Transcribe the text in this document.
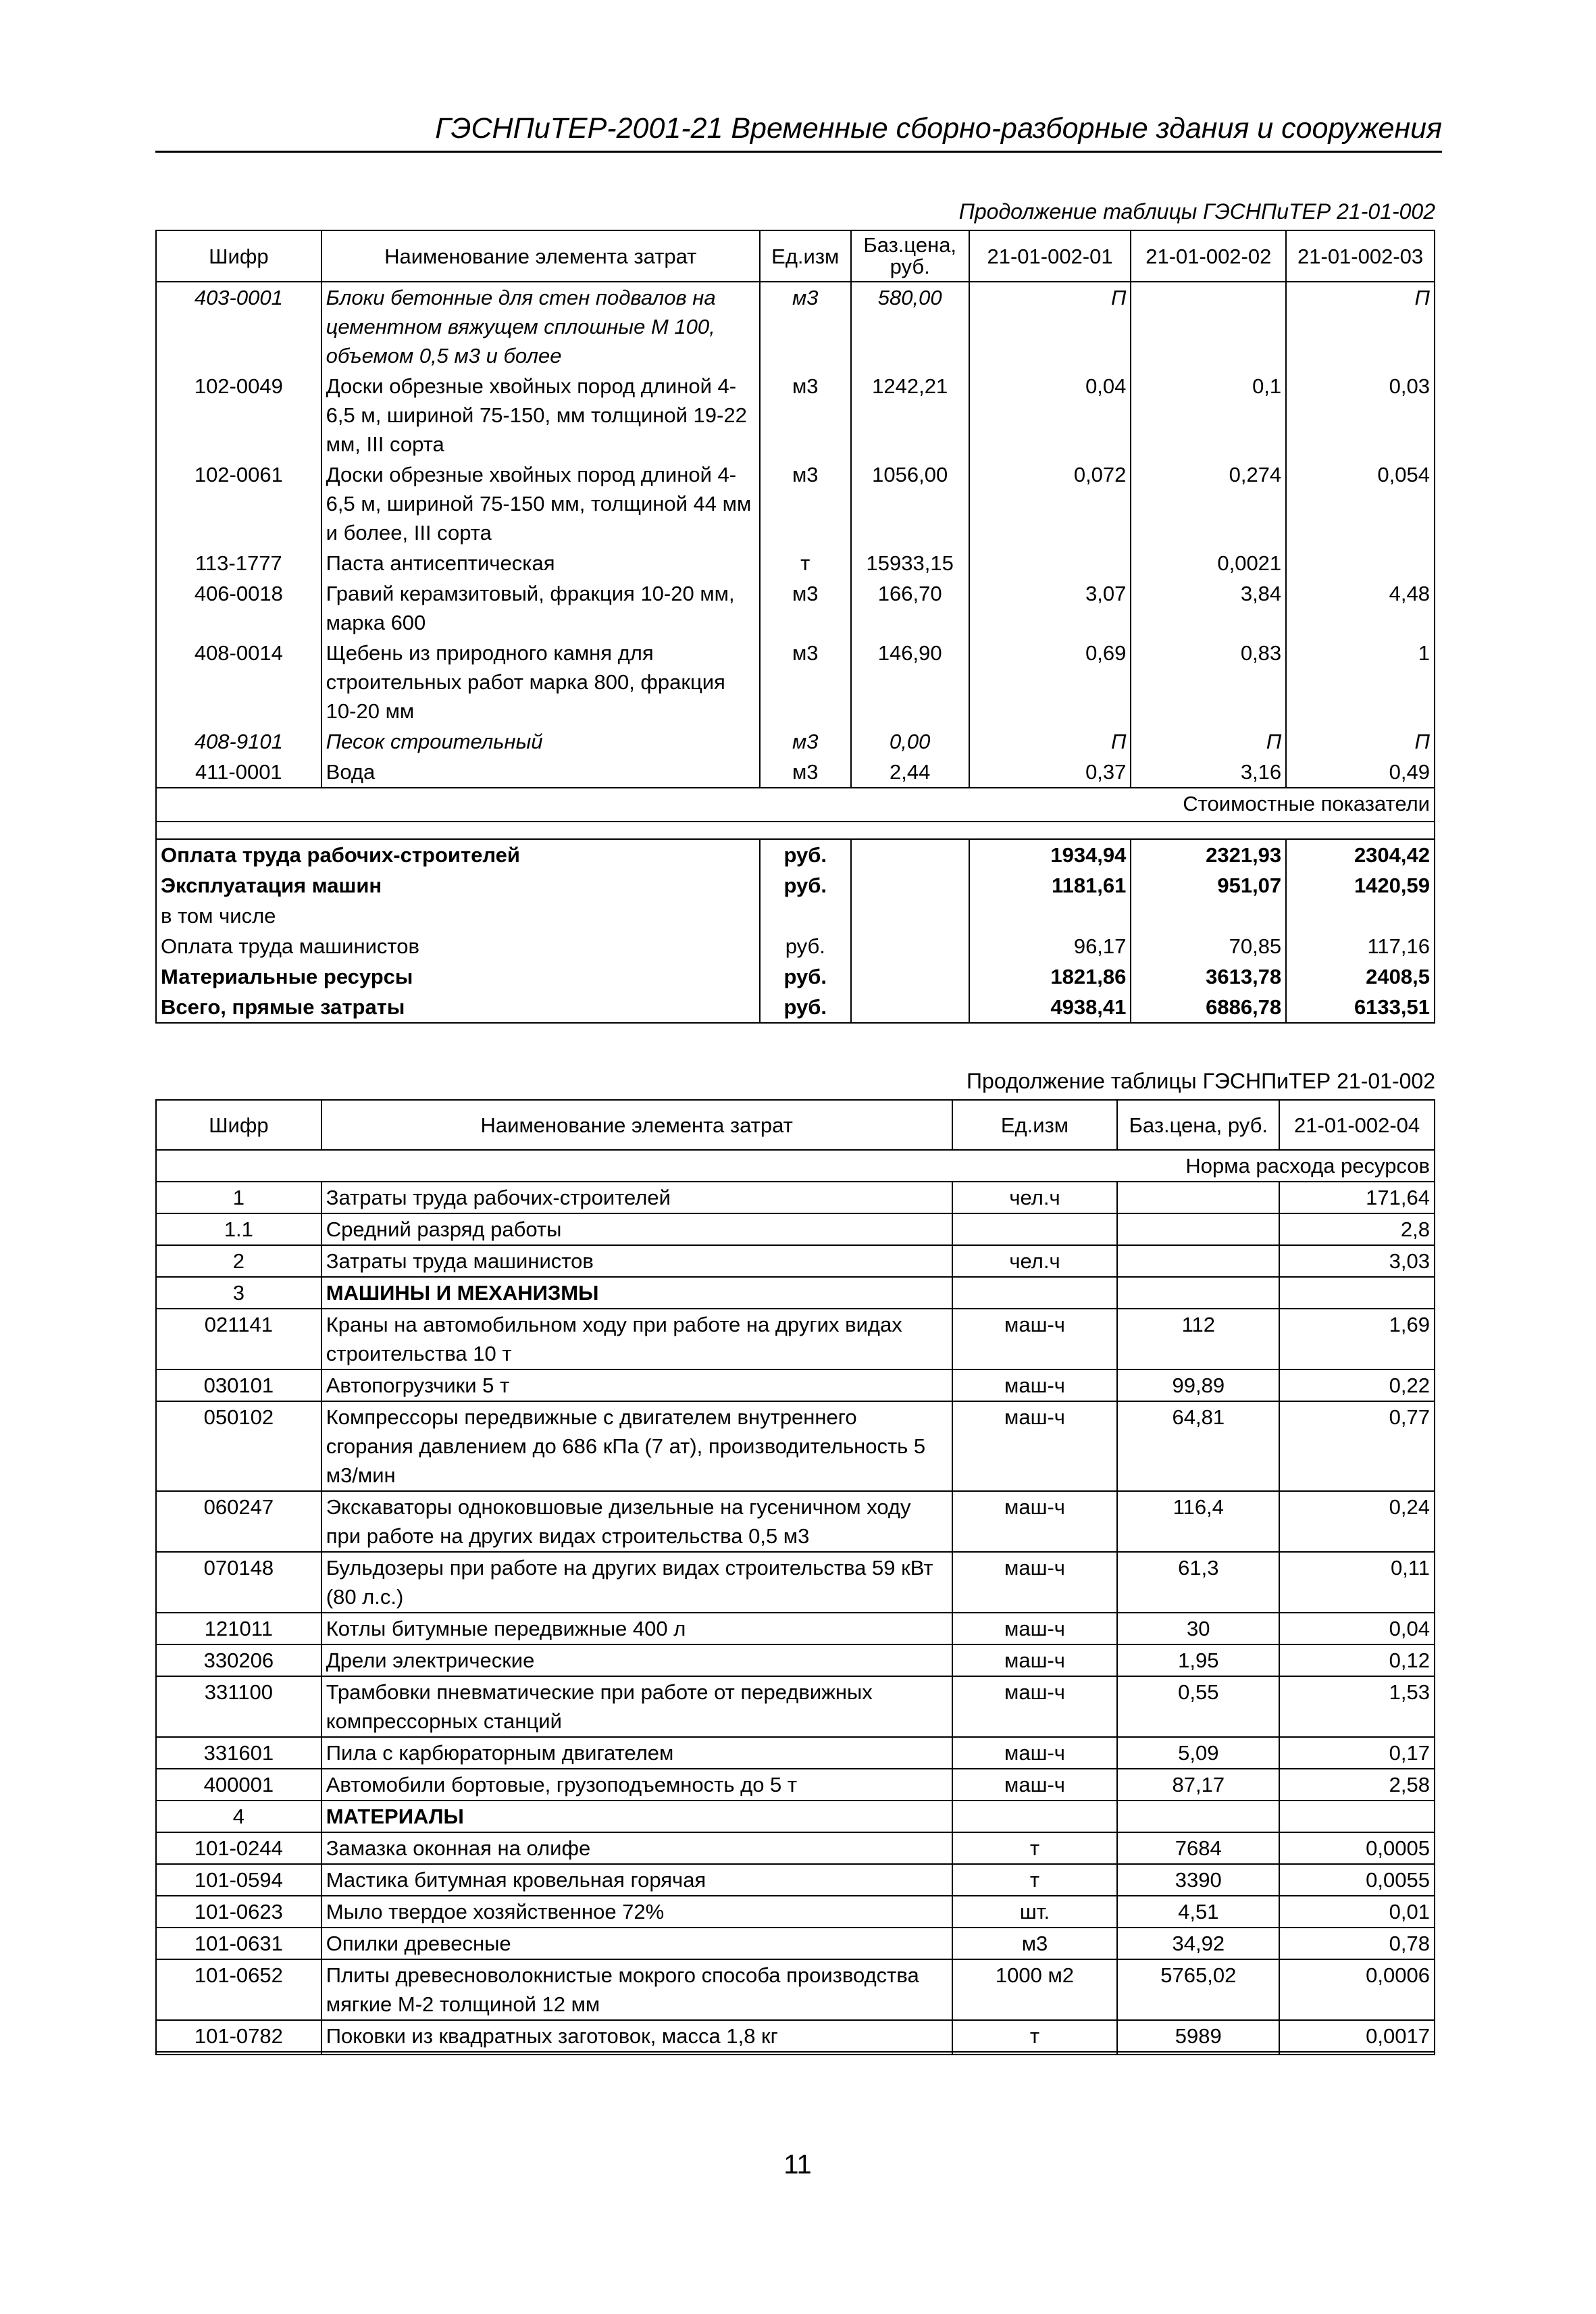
ГЭСНПиТЕР-2001-21 Временные сборно-разборные здания и сооружения
Продолжение таблицы ГЭСНПиТЕР 21-01-002
Шифр	Наименование элемента затрат	Ед.изм	Баз.цена, руб.	21-01-002-01	21-01-002-02	21-01-002-03
403-0001	Блоки бетонные для стен подвалов на цементном вяжущем сплошные М 100, объемом 0,5 м3 и более	м3	580,00	П		П
102-0049	Доски обрезные хвойных пород длиной 4-6,5 м, шириной 75-150, мм толщиной 19-22 мм, III сорта	м3	1242,21	0,04	0,1	0,03
102-0061	Доски обрезные хвойных пород длиной 4-6,5 м, шириной 75-150 мм, толщиной 44 мм и более, III сорта	м3	1056,00	0,072	0,274	0,054
113-1777	Паста антисептическая	т	15933,15		0,0021	
406-0018	Гравий керамзитовый, фракция 10-20 мм, марка 600	м3	166,70	3,07	3,84	4,48
408-0014	Щебень из природного камня для строительных работ марка 800, фракция 10-20 мм	м3	146,90	0,69	0,83	1
408-9101	Песок строительный	м3	0,00	П	П	П
411-0001	Вода	м3	2,44	0,37	3,16	0,49
Стоимостные показатели						

Оплата труда рабочих-строителей		руб.		1934,94	2321,93	2304,42
Эксплуатация машин		руб.		1181,61	951,07	1420,59
в том числе						
Оплата труда машинистов		руб.		96,17	70,85	117,16
Материальные ресурсы		руб.		1821,86	3613,78	2408,5
Всего, прямые затраты		руб.		4938,41	6886,78	6133,51
Продолжение таблицы ГЭСНПиТЕР 21-01-002
Шифр	Наименование элемента затрат	Ед.изм	Баз.цена, руб.	21-01-002-04
Норма расхода ресурсов				
1	Затраты труда рабочих-строителей	чел.ч		171,64
1.1	Средний разряд работы			2,8
2	Затраты труда машинистов	чел.ч		3,03
3	МАШИНЫ И МЕХАНИЗМЫ			
021141	Краны на автомобильном ходу при работе на других видах строительства 10 т	маш-ч	112	1,69
030101	Автопогрузчики 5 т	маш-ч	99,89	0,22
050102	Компрессоры передвижные с двигателем внутреннего сгорания давлением до 686 кПа (7 ат), производительность 5 м3/мин	маш-ч	64,81	0,77
060247	Экскаваторы одноковшовые дизельные на гусеничном ходу при работе на других видах строительства 0,5 м3	маш-ч	116,4	0,24
070148	Бульдозеры при работе на других видах строительства 59 кВт (80 л.с.)	маш-ч	61,3	0,11
121011	Котлы битумные передвижные 400 л	маш-ч	30	0,04
330206	Дрели электрические	маш-ч	1,95	0,12
331100	Трамбовки пневматические при работе от передвижных компрессорных станций	маш-ч	0,55	1,53
331601	Пила с карбюраторным двигателем	маш-ч	5,09	0,17
400001	Автомобили бортовые, грузоподъемность до 5 т	маш-ч	87,17	2,58
4	МАТЕРИАЛЫ			
101-0244	Замазка оконная на олифе	т	7684	0,0005
101-0594	Мастика битумная кровельная горячая	т	3390	0,0055
101-0623	Мыло твердое хозяйственное 72%	шт.	4,51	0,01
101-0631	Опилки древесные	м3	34,92	0,78
101-0652	Плиты древесноволокнистые мокрого способа производства мягкие М-2 толщиной 12 мм	1000 м2	5765,02	0,0006
101-0782	Поковки из квадратных заготовок, масса 1,8 кг	т	5989	0,0017

11
